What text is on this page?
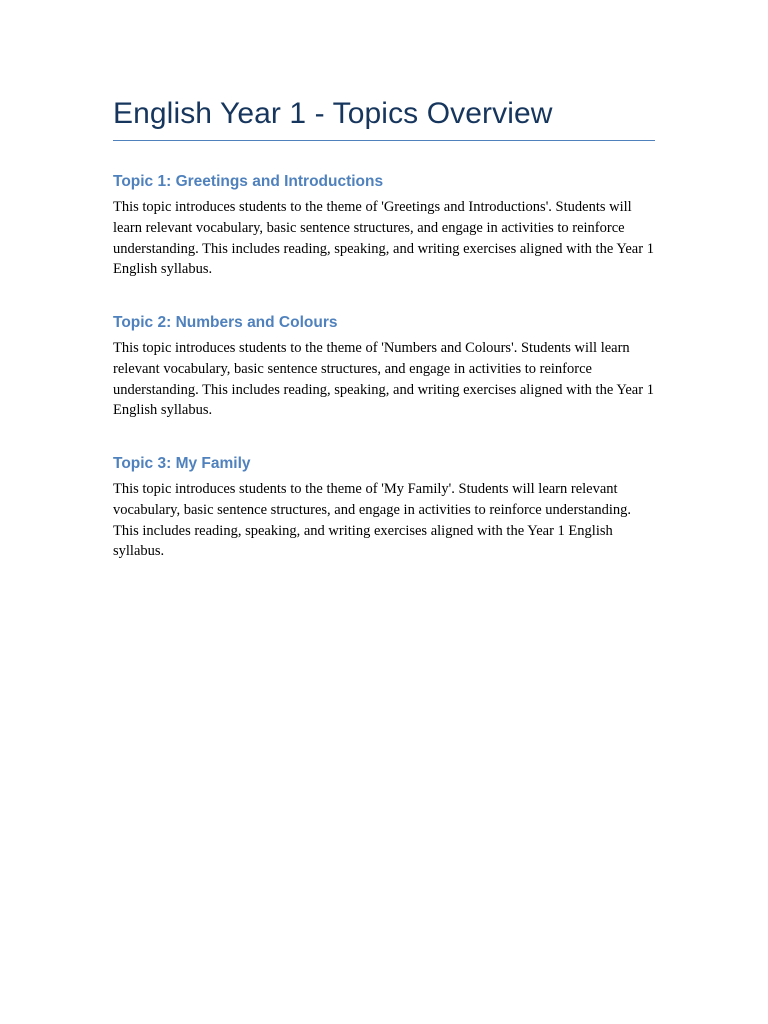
English Year 1 - Topics Overview
Topic 1: Greetings and Introductions

This topic introduces students to the theme of 'Greetings and Introductions'. Students will learn relevant vocabulary, basic sentence structures, and engage in activities to reinforce understanding. This includes reading, speaking, and writing exercises aligned with the Year 1 English syllabus.

Topic 2: Numbers and Colours

This topic introduces students to the theme of 'Numbers and Colours'. Students will learn relevant vocabulary, basic sentence structures, and engage in activities to reinforce understanding. This includes reading, speaking, and writing exercises aligned with the Year 1 English syllabus.

Topic 3: My Family

This topic introduces students to the theme of 'My Family'. Students will learn relevant vocabulary, basic sentence structures, and engage in activities to reinforce understanding. This includes reading, speaking, and writing exercises aligned with the Year 1 English syllabus.
